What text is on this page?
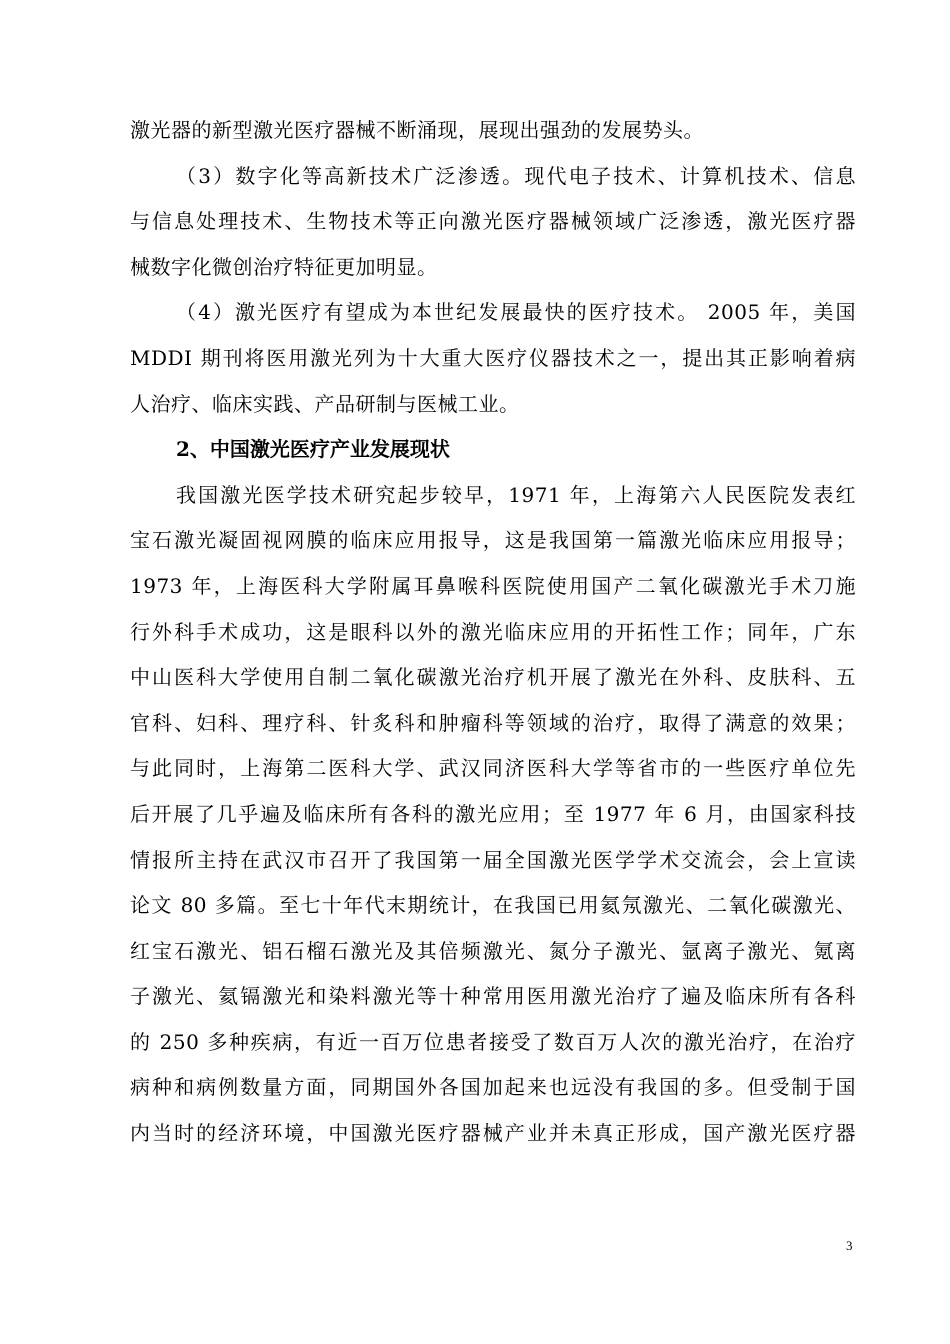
激光器的新型激光医疗器械不断涌现，展现出强劲的发展势头。
（3）数字化等高新技术广泛渗透。现代电子技术、计算机技术、信息
与信息处理技术、生物技术等正向激光医疗器械领域广泛渗透，激光医疗器
械数字化微创治疗特征更加明显。
（4）激光医疗有望成为本世纪发展最快的医疗技术。 2005 年，美国
MDDI 期刊将医用激光列为十大重大医疗仪器技术之一，提出其正影响着病
人治疗、临床实践、产品研制与医械工业。
2、中国激光医疗产业发展现状
我国激光医学技术研究起步较早，1971 年，上海第六人民医院发表红
宝石激光凝固视网膜的临床应用报导，这是我国第一篇激光临床应用报导；
1973 年，上海医科大学附属耳鼻喉科医院使用国产二氧化碳激光手术刀施
行外科手术成功，这是眼科以外的激光临床应用的开拓性工作；同年，广东
中山医科大学使用自制二氧化碳激光治疗机开展了激光在外科、皮肤科、五
官科、妇科、理疗科、针炙科和肿瘤科等领域的治疗，取得了满意的效果；
与此同时，上海第二医科大学、武汉同济医科大学等省市的一些医疗单位先
后开展了几乎遍及临床所有各科的激光应用；至 1977 年 6 月，由国家科技
情报所主持在武汉市召开了我国第一届全国激光医学学术交流会，会上宣读
论文 80 多篇。至七十年代末期统计，在我国已用氦氖激光、二氧化碳激光、
红宝石激光、铝石榴石激光及其倍频激光、氮分子激光、氩离子激光、氪离
子激光、氦镉激光和染料激光等十种常用医用激光治疗了遍及临床所有各科
的 250 多种疾病，有近一百万位患者接受了数百万人次的激光治疗，在治疗
病种和病例数量方面，同期国外各国加起来也远没有我国的多。但受制于国
内当时的经济环境，中国激光医疗器械产业并未真正形成，国产激光医疗器
3
